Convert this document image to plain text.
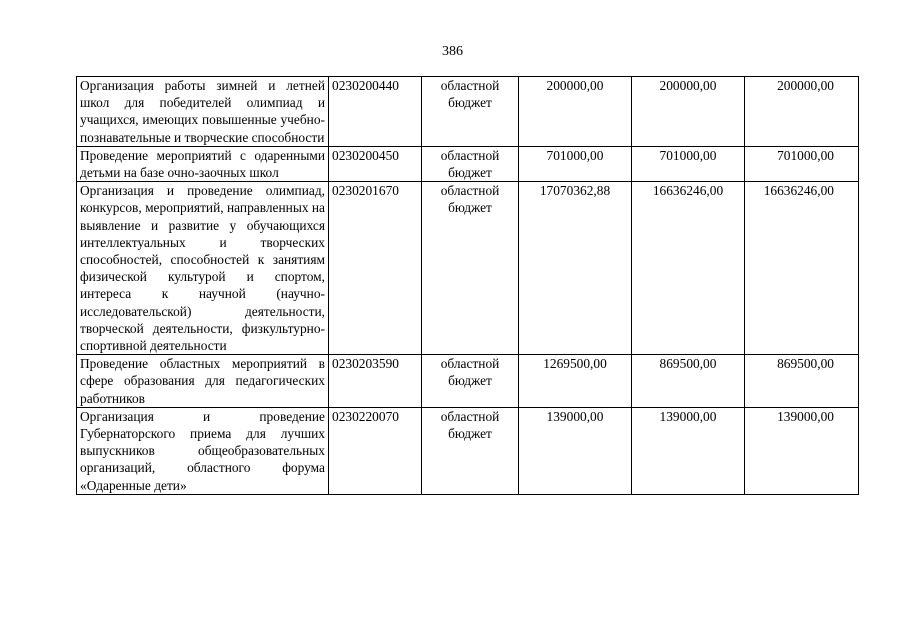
386
Организация работы зимней и летней школ для победителей олимпиад и учащихся, имеющих повышенные учебно-познавательные и творческие способности	0230200440	областной бюджет	200000,00	200000,00	200000,00
Проведение мероприятий с одаренными детьми на базе очно-заочных школ	0230200450	областной бюджет	701000,00	701000,00	701000,00
Организация и проведение олимпиад, конкурсов, мероприятий, направленных на выявление и развитие у обучающихся интеллектуальных и творческих способностей, способностей к занятиям физической культурой и спортом, интереса к научной (научно-исследовательской) деятельности, творческой деятельности, физкультурно-спортивной деятельности	0230201670	областной бюджет	17070362,88	16636246,00	16636246,00
Проведение областных мероприятий в сфере образования для педагогических работников	0230203590	областной бюджет	1269500,00	869500,00	869500,00
Организация и проведение Губернаторского приема для лучших выпускников общеобразовательных организаций, областного форума «Одаренные дети»	0230220070	областной бюджет	139000,00	139000,00	139000,00
